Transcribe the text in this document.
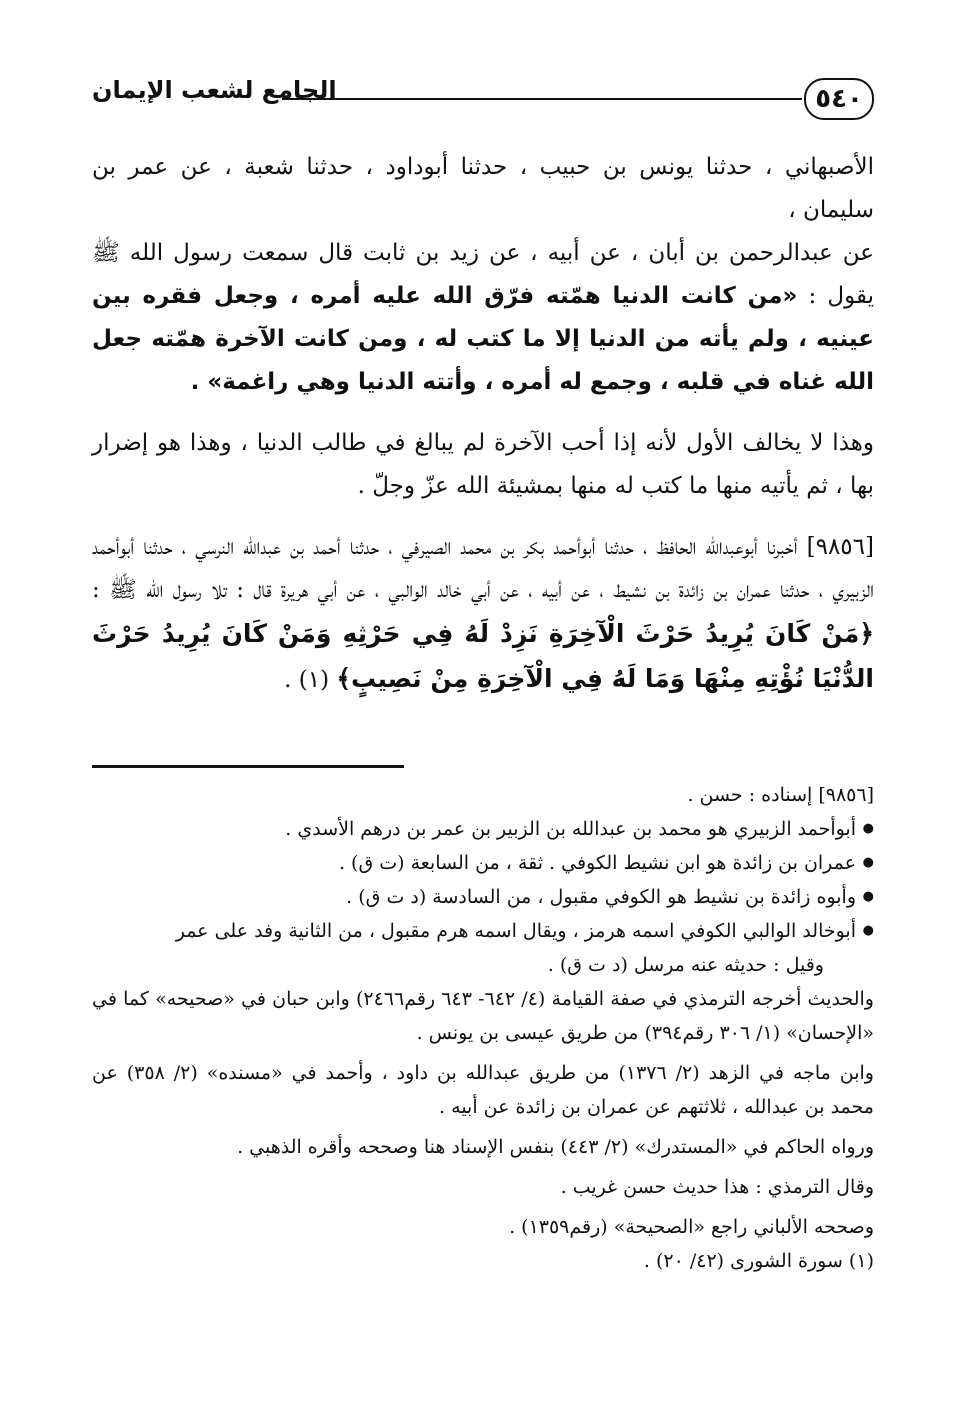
٥٤٠
الجامع لشعب الإيمان

الأصبهاني ، حدثنا يونس بن حبيب ، حدثنا أبوداود ، حدثنا شعبة ، عن عمر بن سليمان ،
عن عبدالرحمن بن أبان ، عن أبيه ، عن زيد بن ثابت قال سمعت رسول الله ﷺ يقول : «من كانت الدنيا همّته فرّق الله عليه أمره ، وجعل فقره بين عينيه ، ولم يأته من الدنيا إلا ما كتب له ، ومن كانت الآخرة همّته جعل الله غناه في قلبه ، وجمع له أمره ، وأتته الدنيا وهي راغمة» .

وهذا لا يخالف الأول لأنه إذا أحب الآخرة لم يبالغ في طالب الدنيا ، وهذا هو إضرار بها ، ثم يأتيه منها ما كتب له منها بمشيئة الله عزّ وجلّ .

[٩٨٥٦] أخبرنا أبوعبدالله الحافظ ، حدثنا أبوأحمد بكر بن محمد الصيرفي ، حدثنا أحمد بن عبدالله النرسي ، حدثنا أبوأحمد الزبيري ، حدثنا عمران بن زائدة بن نشيط ، عن أبيه ، عن أبي خالد الوالبي ، عن أبي هريرة قال : تلا رسول الله ﷺ : ﴿مَنْ كَانَ يُرِيدُ حَرْثَ الْآخِرَةِ نَزِدْ لَهُ فِي حَرْثِهِ وَمَنْ كَانَ يُرِيدُ حَرْثَ الدُّنْيَا نُؤْتِهِ مِنْهَا وَمَا لَهُ فِي الْآخِرَةِ مِنْ نَصِيبٍ﴾ (١) .

[٩٨٥٦] إسناده : حسن .

● أبوأحمد الزبيري هو محمد بن عبدالله بن الزبير بن عمر بن درهم الأسدي .
● عمران بن زائدة هو ابن نشيط الكوفي . ثقة ، من السابعة (ت ق) .
● وأبوه زائدة بن نشيط هو الكوفي مقبول ، من السادسة (د ت ق) .
● أبوخالد الوالبي الكوفي اسمه هرمز ، ويقال اسمه هرم مقبول ، من الثانية وفد على عمر
وقيل : حديثه عنه مرسل (د ت ق) .

والحديث أخرجه الترمذي في صفة القيامة (٤/ ٦٤٢- ٦٤٣ رقم٢٤٦٦) وابن حبان في «صحيحه» كما في «الإحسان» (١/ ٣٠٦ رقم٣٩٤) من طريق عيسى بن يونس .

وابن ماجه في الزهد (٢/ ١٣٧٦) من طريق عبدالله بن داود ، وأحمد في «مسنده» (٢/ ٣٥٨) عن محمد بن عبدالله ، ثلاثتهم عن عمران بن زائدة عن أبيه .

ورواه الحاكم في «المستدرك» (٢/ ٤٤٣) بنفس الإسناد هنا وصححه وأقره الذهبي .

وقال الترمذي : هذا حديث حسن غريب .

وصححه الألباني راجع «الصحيحة» (رقم١٣٥٩) .

(١) سورة الشورى (٤٢/ ٢٠) .
